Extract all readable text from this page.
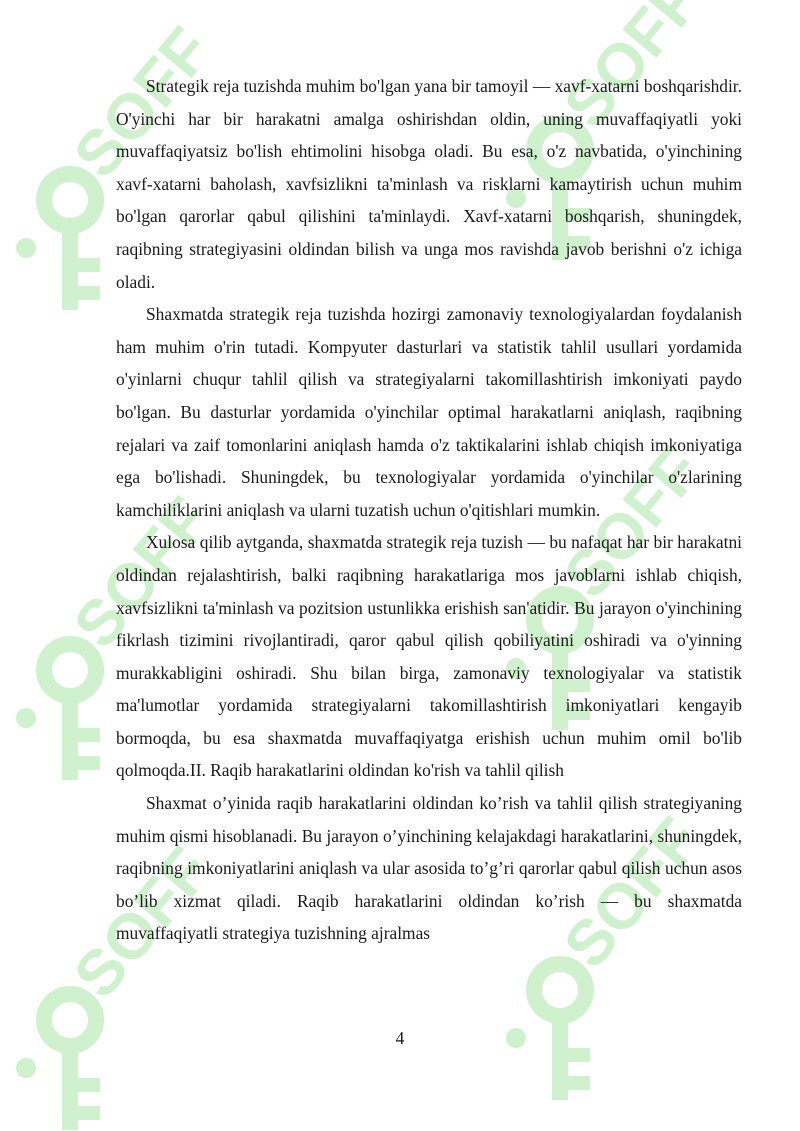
Strategik reja tuzishda muhim bo'lgan yana bir tamoyil — xavf-xatarni boshqarishdir. O'yinchi har bir harakatni amalga oshirishdan oldin, uning muvaffaqiyatli yoki muvaffaqiyatsiz bo'lish ehtimolini hisobga oladi. Bu esa, o'z navbatida, o'yinchining xavf-xatarni baholash, xavfsizlikni ta'minlash va risklarni kamaytirish uchun muhim bo'lgan qarorlar qabul qilishini ta'minlaydi. Xavf-xatarni boshqarish, shuningdek, raqibning strategiyasini oldindan bilish va unga mos ravishda javob berishni o'z ichiga oladi.

Shaxmatda strategik reja tuzishda hozirgi zamonaviy texnologiyalardan foydalanish ham muhim o'rin tutadi. Kompyuter dasturlari va statistik tahlil usullari yordamida o'yinlarni chuqur tahlil qilish va strategiyalarni takomillashtirish imkoniyati paydo bo'lgan. Bu dasturlar yordamida o'yinchilar optimal harakatlarni aniqlash, raqibning rejalari va zaif tomonlarini aniqlash hamda o'z taktikalarini ishlab chiqish imkoniyatiga ega bo'lishadi. Shuningdek, bu texnologiyalar yordamida o'yinchilar o'zlarining kamchiliklarini aniqlash va ularni tuzatish uchun o'qitishlari mumkin.

Xulosa qilib aytganda, shaxmatda strategik reja tuzish — bu nafaqat har bir harakatni oldindan rejalashtirish, balki raqibning harakatlariga mos javoblarni ishlab chiqish, xavfsizlikni ta'minlash va pozitsion ustunlikka erishish san'atidir. Bu jarayon o'yinchining fikrlash tizimini rivojlantiradi, qaror qabul qilish qobiliyatini oshiradi va o'yinning murakkabligini oshiradi. Shu bilan birga, zamonaviy texnologiyalar va statistik ma'lumotlar yordamida strategiyalarni takomillashtirish imkoniyatlari kengayib bormoqda, bu esa shaxmatda muvaffaqiyatga erishish uchun muhim omil bo'lib qolmoqda.II. Raqib harakatlarini oldindan ko'rish va tahlil qilish

Shaxmat o’yinida raqib harakatlarini oldindan ko’rish va tahlil qilish strategiyaning muhim qismi hisoblanadi. Bu jarayon o’yinchining kelajakdagi harakatlarini, shuningdek, raqibning imkoniyatlarini aniqlash va ular asosida to’g’ri qarorlar qabul qilish uchun asos bo’lib xizmat qiladi. Raqib harakatlarini oldindan ko’rish — bu shaxmatda muvaffaqiyatli strategiya tuzishning ajralmas

4
